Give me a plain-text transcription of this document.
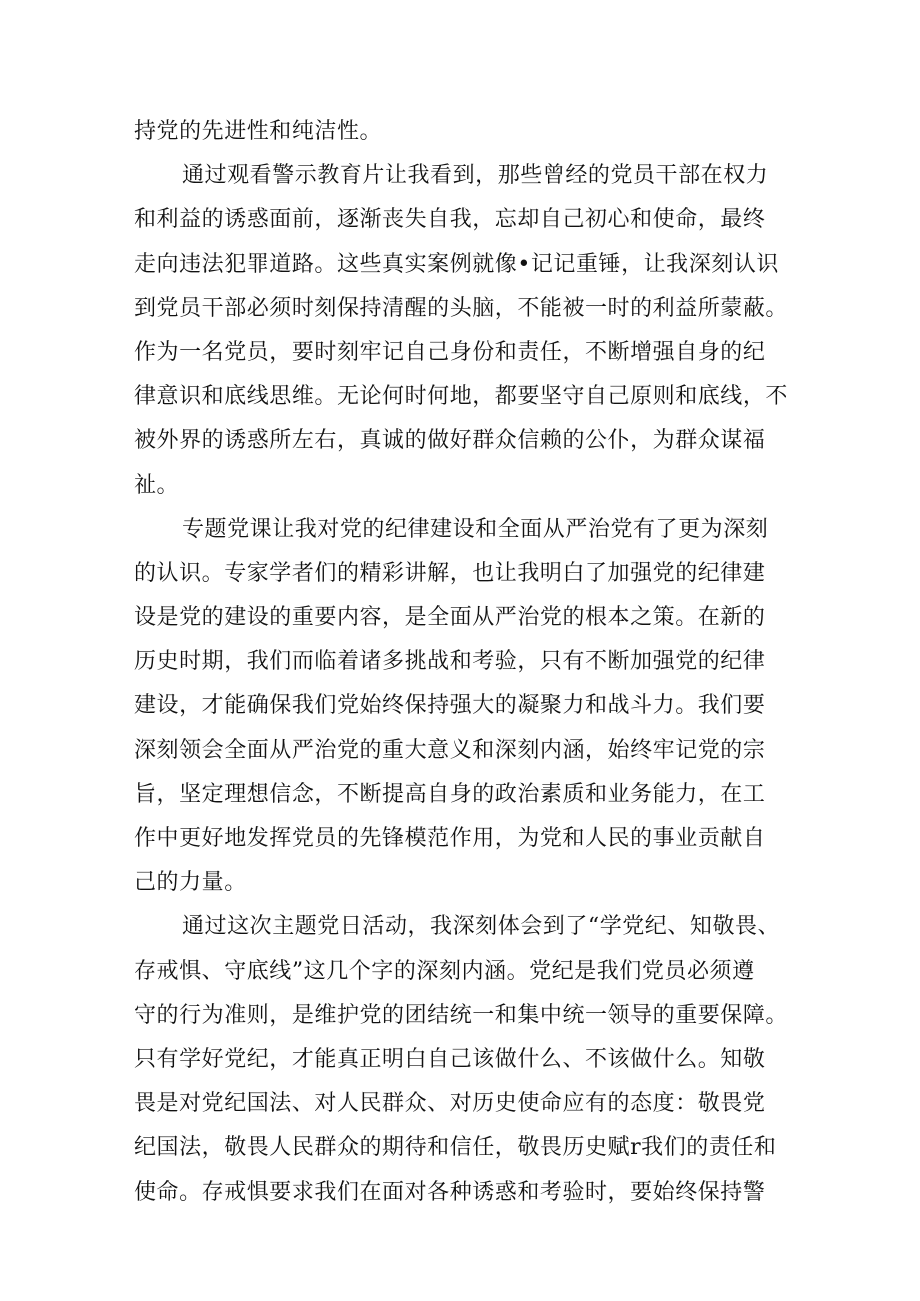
持党的先进性和纯洁性。
通过观看警示教育片让我看到，那些曾经的党员干部在权力
和利益的诱惑面前，逐渐丧失自我，忘却自己初心和使命，最终
走向违法犯罪道路。这些真实案例就像•记记重锤，让我深刻认识
到党员干部必须时刻保持清醒的头脑，不能被一时的利益所蒙蔽。
作为一名党员，要时刻牢记自己身份和责任，不断增强自身的纪
律意识和底线思维。无论何时何地，都要坚守自己原则和底线，不
被外界的诱惑所左右，真诚的做好群众信赖的公仆，为群众谋福
祉。
专题党课让我对党的纪律建设和全面从严治党有了更为深刻
的认识。专家学者们的精彩讲解，也让我明白了加强党的纪律建
设是党的建设的重要内容，是全面从严治党的根本之策。在新的
历史时期，我们而临着诸多挑战和考验，只有不断加强党的纪律
建设，才能确保我们党始终保持强大的凝聚力和战斗力。我们要
深刻领会全面从严治党的重大意义和深刻内涵，始终牢记党的宗
旨，坚定理想信念，不断提高自身的政治素质和业务能力，在工
作中更好地发挥党员的先锋模范作用，为党和人民的事业贡献自
己的力量。
通过这次主题党日活动，我深刻体会到了“学党纪、知敬畏、
存戒惧、守底线”这几个字的深刻内涵。党纪是我们党员必须遵
守的行为准则，是维护党的团结统一和集中统一领导的重要保障。
只有学好党纪，才能真正明白自己该做什么、不该做什么。知敬
畏是对党纪国法、对人民群众、对历史使命应有的态度：敬畏党
纪国法，敬畏人民群众的期待和信任，敬畏历史赋r我们的责任和
使命。存戒惧要求我们在面对各种诱惑和考验时，要始终保持警
